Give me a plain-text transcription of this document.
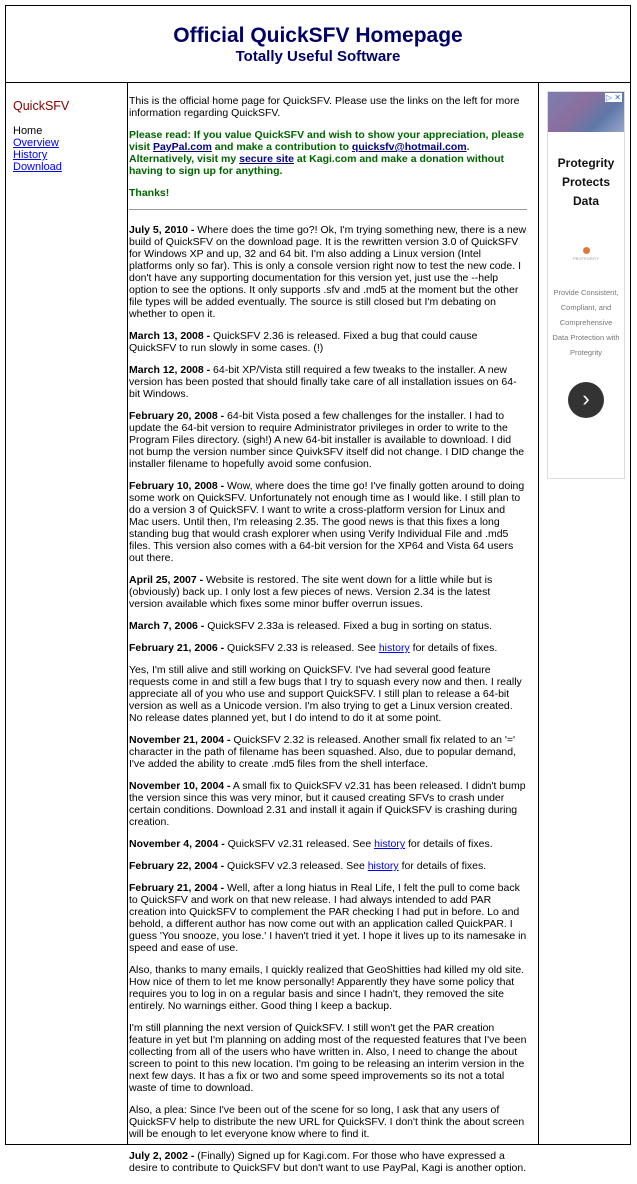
Official QuickSFV Homepage
Totally Useful Software
QuickSFV
Home
Overview
History
Download
▷ ✕
Protegrity Protects Data
PROTEGRITY
Provide Consistent, Compliant, and Comprehensive Data Protection with Protegrity
›

This is the official home page for QuickSFV. Please use the links on the left for more information regarding QuickSFV.

Please read: If you value QuickSFV and wish to show your appreciation, please visit PayPal.com and make a contribution to quicksfv@hotmail.com. Alternatively, visit my secure site at Kagi.com and make a donation without having to sign up for anything.

Thanks!

July 5, 2010 - Where does the time go?! Ok, I'm trying something new, there is a new build of QuickSFV on the download page. It is the rewritten version 3.0 of QuickSFV for Windows XP and up, 32 and 64 bit. I'm also adding a Linux version (Intel platforms only so far). This is only a console version right now to test the new code. I don't have any supporting documentation for this version yet, just use the --help option to see the options. It only supports .sfv and .md5 at the moment but the other file types will be added eventually. The source is still closed but I'm debating on whether to open it.

March 13, 2008 - QuickSFV 2.36 is released. Fixed a bug that could cause QuickSFV to run slowly in some cases. (!)

March 12, 2008 - 64-bit XP/Vista still required a few tweaks to the installer. A new version has been posted that should finally take care of all installation issues on 64-bit Windows.

February 20, 2008 - 64-bit Vista posed a few challenges for the installer. I had to update the 64-bit version to require Administrator privileges in order to write to the Program Files directory. (sigh!) A new 64-bit installer is available to download. I did not bump the version number since QuivkSFV itself did not change. I DID change the installer filename to hopefully avoid some confusion.

February 10, 2008 - Wow, where does the time go! I've finally gotten around to doing some work on QuickSFV. Unfortunately not enough time as I would like. I still plan to do a version 3 of QuickSFV. I want to write a cross-platform version for Linux and Mac users. Until then, I'm releasing 2.35. The good news is that this fixes a long standing bug that would crash explorer when using Verify Individual File and .md5 files. This version also comes with a 64-bit version for the XP64 and Vista 64 users out there.

April 25, 2007 - Website is restored. The site went down for a little while but is (obviously) back up. I only lost a few pieces of news. Version 2.34 is the latest version available which fixes some minor buffer overrun issues.

March 7, 2006 - QuickSFV 2.33a is released. Fixed a bug in sorting on status.

February 21, 2006 - QuickSFV 2.33 is released. See history for details of fixes.

Yes, I'm still alive and still working on QuickSFV. I've had several good feature requests come in and still a few bugs that I try to squash every now and then. I really appreciate all of you who use and support QuickSFV. I still plan to release a 64-bit version as well as a Unicode version. I'm also trying to get a Linux version created. No release dates planned yet, but I do intend to do it at some point.

November 21, 2004 - QuickSFV 2.32 is released. Another small fix related to an '=' character in the path of filename has been squashed. Also, due to popular demand, I've added the ability to create .md5 files from the shell interface.

November 10, 2004 - A small fix to QuickSFV v2.31 has been released. I didn't bump the version since this was very minor, but it caused creating SFVs to crash under certain conditions. Download 2.31 and install it again if QuickSFV is crashing during creation.

November 4, 2004 - QuickSFV v2.31 released. See history for details of fixes.

February 22, 2004 - QuickSFV v2.3 released. See history for details of fixes.

February 21, 2004 - Well, after a long hiatus in Real Life, I felt the pull to come back to QuickSFV and work on that new release. I had always intended to add PAR creation into QuickSFV to complement the PAR checking I had put in before. Lo and behold, a different author has now come out with an application called QuickPAR. I guess 'You snooze, you lose.' I haven't tried it yet. I hope it lives up to its namesake in speed and ease of use.

Also, thanks to many emails, I quickly realized that GeoShitties had killed my old site. How nice of them to let me know personally! Apparently they have some policy that requires you to log in on a regular basis and since I hadn't, they removed the site entirely. No warnings either. Good thing I keep a backup.

I'm still planning the next version of QuickSFV. I still won't get the PAR creation feature in yet but I'm planning on adding most of the requested features that I've been collecting from all of the users who have written in. Also, I need to change the about screen to point to this new location. I'm going to be releasing an interim version in the next few days. It has a fix or two and some speed improvements so its not a total waste of time to download.

Also, a plea: Since I've been out of the scene for so long, I ask that any users of QuickSFV help to distribute the new URL for QuickSFV. I don't think the about screen will be enough to let everyone know where to find it.

July 2, 2002 - (Finally) Signed up for Kagi.com. For those who have expressed a desire to contribute to QuickSFV but don't want to use PayPal, Kagi is another option.
